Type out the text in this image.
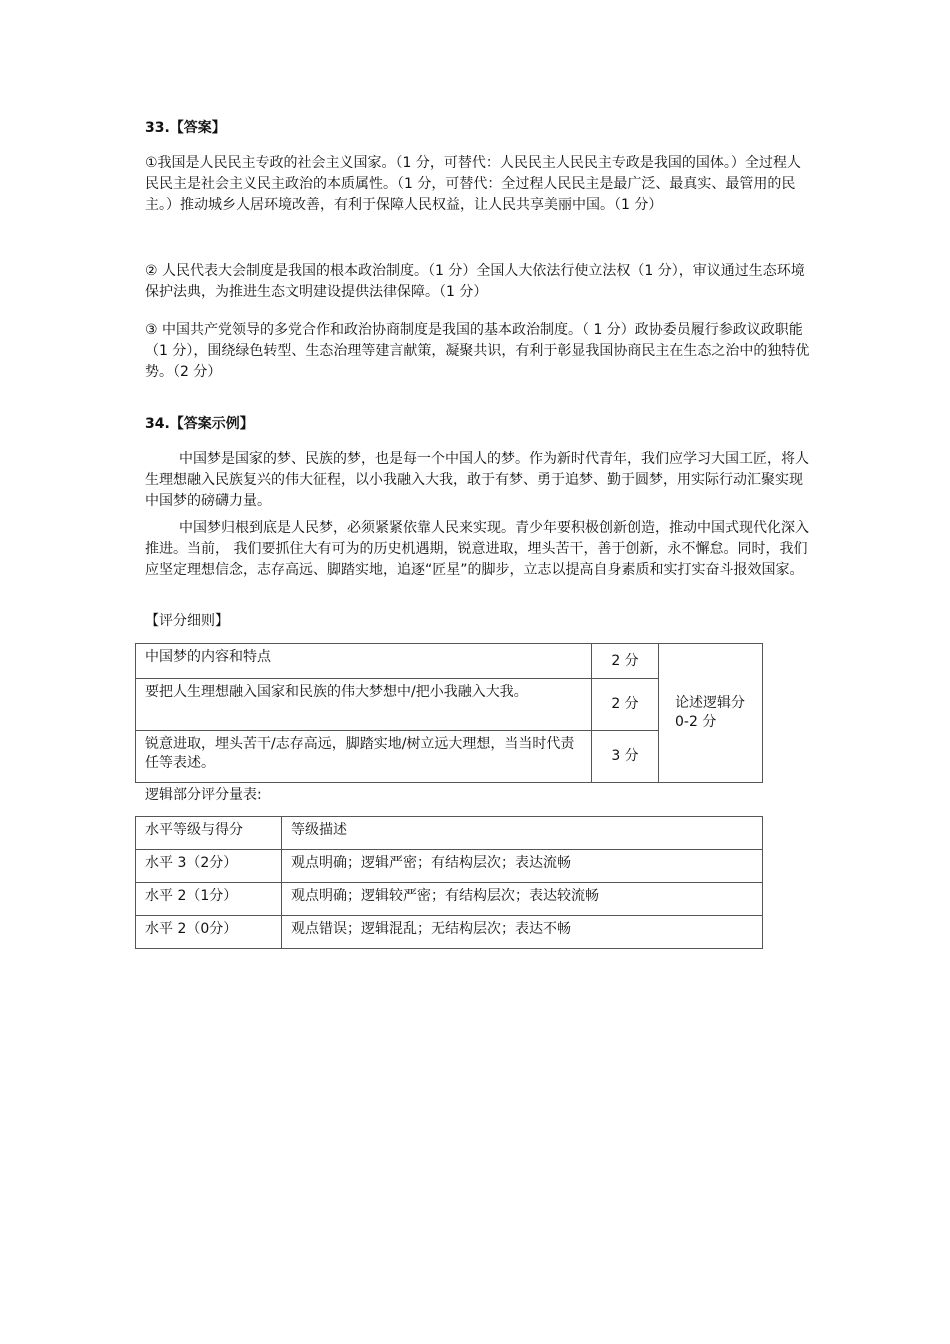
33.【答案】

①我国是人民民主专政的社会主义国家。（1 分，可替代：人民民主人民民主专政是我国的国体。）全过程人民民主是社会主义民主政治的本质属性。（1 分，可替代：全过程人民民主是最广泛、最真实、最管用的民主。）推动城乡人居环境改善，有利于保障人民权益，让人民共享美丽中国。（1 分）

② 人民代表大会制度是我国的根本政治制度。（1 分）全国人大依法行使立法权（1 分），审议通过生态环境保护法典，为推进生态文明建设提供法律保障。（1 分）

③ 中国共产党领导的多党合作和政治协商制度是我国的基本政治制度。（ 1 分）政协委员履行参政议政职能（1 分），围绕绿色转型、生态治理等建言献策，凝聚共识，有利于彰显我国协商民主在生态之治中的独特优势。（2 分）

34.【答案示例】

中国梦是国家的梦、民族的梦，也是每一个中国人的梦。作为新时代青年，我们应学习大国工匠，将人生理想融入民族复兴的伟大征程，以小我融入大我，敢于有梦、勇于追梦、勤于圆梦，用实际行动汇聚实现中国梦的磅礴力量。

中国梦归根到底是人民梦，必须紧紧依靠人民来实现。青少年要积极创新创造，推动中国式现代化深入推进。当前， 我们要抓住大有可为的历史机遇期，锐意进取，埋头苦干，善于创新，永不懈怠。同时，我们应坚定理想信念，志存高远、脚踏实地，追逐“匠星”的脚步，立志以提高自身素质和实打实奋斗报效国家。

【评分细则】

中国梦的内容和特点	2 分	论述逻辑分 0-2 分
要把人生理想融入国家和民族的伟大梦想中/把小我融入大我。	2 分	
锐意进取，埋头苦干/志存高远，脚踏实地/树立远大理想，当当时代责任等表述。	3 分	

逻辑部分评分量表:

水平等级与得分	等级描述
水平 3（2分）	观点明确；逻辑严密；有结构层次；表达流畅
水平 2（1分）	观点明确；逻辑较严密；有结构层次；表达较流畅
水平 2（0分）	观点错误；逻辑混乱；无结构层次；表达不畅
